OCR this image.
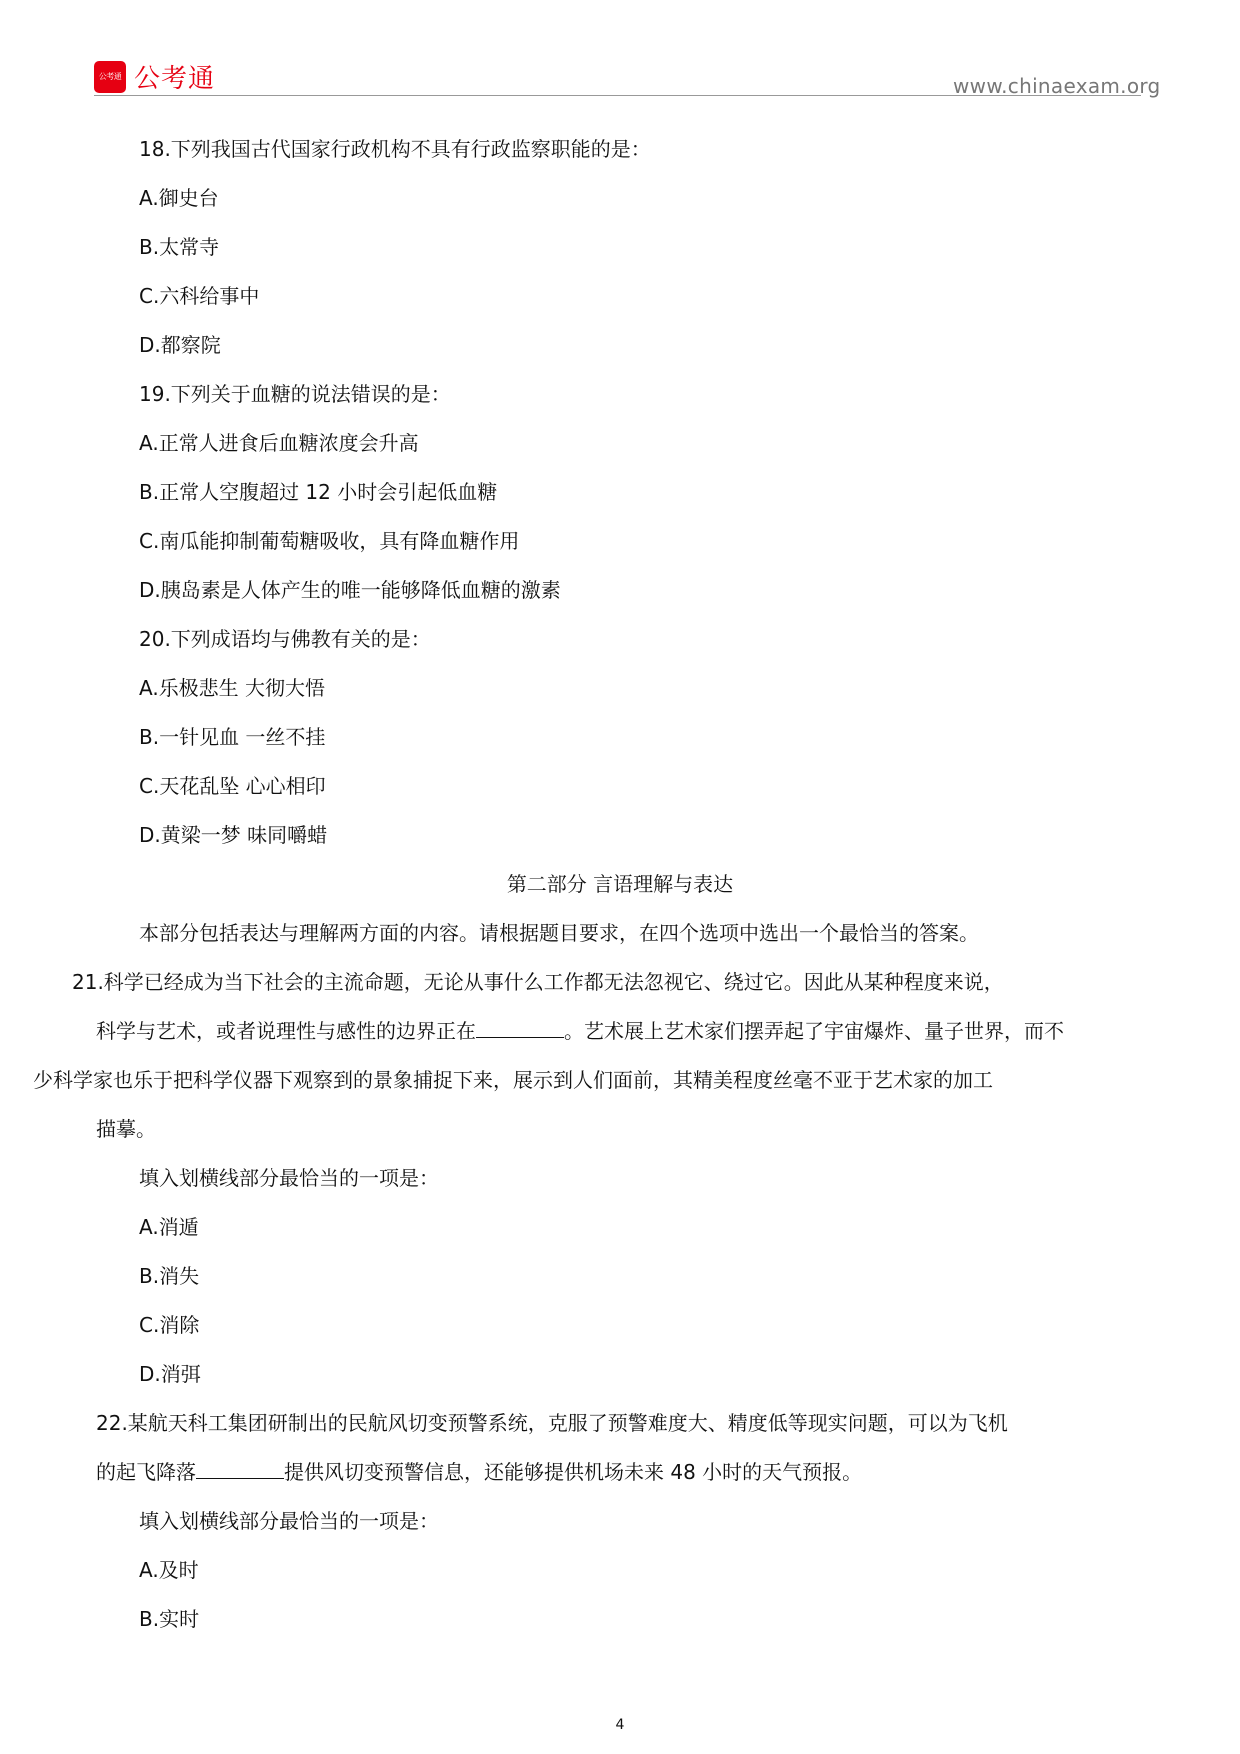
公考通 公考通	www.chinaexam.org
18.下列我国古代国家行政机构不具有行政监察职能的是：
A.御史台
B.太常寺
C.六科给事中
D.都察院
19.下列关于血糖的说法错误的是：
A.正常人进食后血糖浓度会升高
B.正常人空腹超过 12 小时会引起低血糖
C.南瓜能抑制葡萄糖吸收，具有降血糖作用
D.胰岛素是人体产生的唯一能够降低血糖的激素
20.下列成语均与佛教有关的是：
A.乐极悲生 大彻大悟
B.一针见血 一丝不挂
C.天花乱坠 心心相印
D.黄梁一梦 味同嚼蜡
第二部分 言语理解与表达
本部分包括表达与理解两方面的内容。请根据题目要求，在四个选项中选出一个最恰当的答案。
21.科学已经成为当下社会的主流命题，无论从事什么工作都无法忽视它、绕过它。因此从某种程度来说，
科学与艺术，或者说理性与感性的边界正在	。艺术展上艺术家们摆弄起了宇宙爆炸、量子世界，而不
少科学家也乐于把科学仪器下观察到的景象捕捉下来，展示到人们面前，其精美程度丝毫不亚于艺术家的加工
描摹。
填入划横线部分最恰当的一项是：
A.消遁
B.消失
C.消除
D.消弭
22.某航天科工集团研制出的民航风切变预警系统，克服了预警难度大、精度低等现实问题，可以为飞机
的起飞降落	提供风切变预警信息，还能够提供机场未来 48 小时的天气预报。
填入划横线部分最恰当的一项是：
A.及时
B.实时
4
